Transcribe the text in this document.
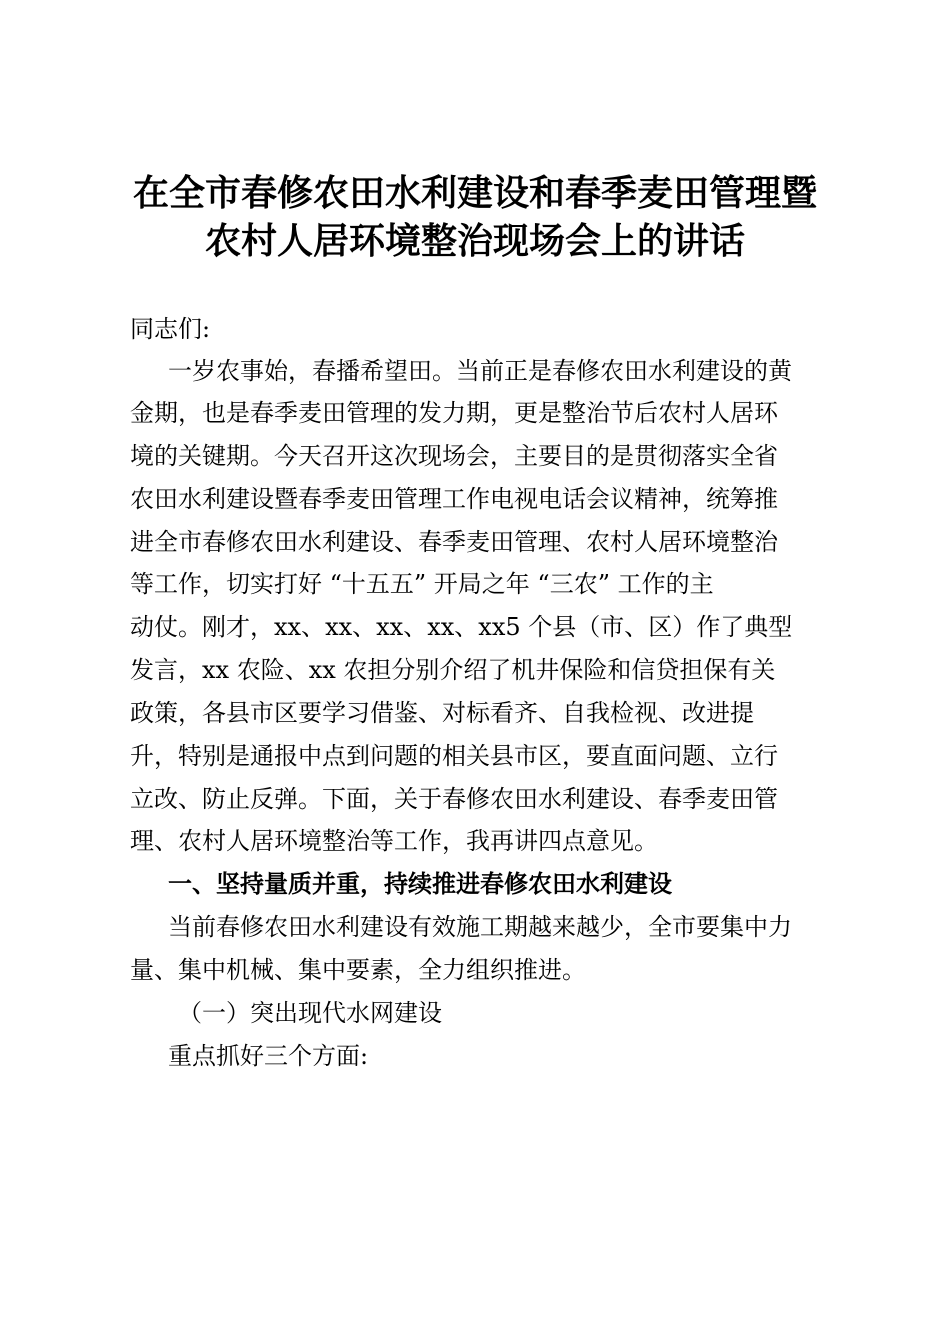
在全市春修农田水利建设和春季麦田管理暨
农村人居环境整治现场会上的讲话

同志们:

一岁农事始，春播希望田。当前正是春修农田水利建设的黄

金期，也是春季麦田管理的发力期，更是整治节后农村人居环

境的关键期。今天召开这次现场会，主要目的是贯彻落实全省

农田水利建设暨春季麦田管理工作电视电话会议精神，统筹推

进全市春修农田水利建设、春季麦田管理、农村人居环境整治

等工作，切实打好 “十五五” 开局之年 “三农” 工作的主

动仗。刚才，xx、xx、xx、xx、xx5 个县（市、区）作了典型

发言，xx 农险、xx 农担分别介绍了机井保险和信贷担保有关

政策，各县市区要学习借鉴、对标看齐、自我检视、改进提

升，特别是通报中点到问题的相关县市区，要直面问题、立行

立改、防止反弹。下面，关于春修农田水利建设、春季麦田管

理、农村人居环境整治等工作，我再讲四点意见。

一、坚持量质并重，持续推进春修农田水利建设

当前春修农田水利建设有效施工期越来越少，全市要集中力

量、集中机械、集中要素，全力组织推进。

（一）突出现代水网建设

重点抓好三个方面:
